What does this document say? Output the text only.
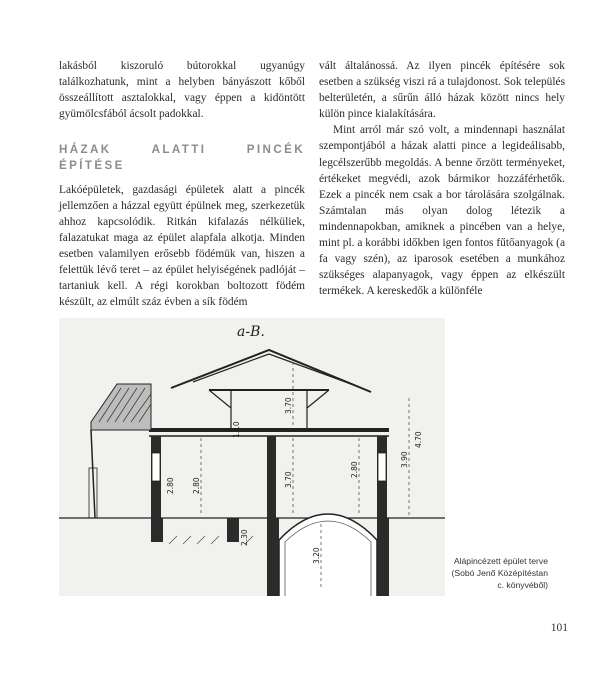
lakásból kiszoruló bútorokkal ugyanúgy találkozhatunk, mint a helyben bányászott kőből összeállított asztalokkal, vagy éppen a kidöntött gyümölcsfából ácsolt padokkal.

HÁZAK ALATTI PINCÉK ÉPÍTÉSE

Lakóépületek, gazdasági épületek alatt a pincék jellemzően a házzal együtt épülnek meg, szerkezetük ahhoz kapcsolódik. Ritkán kifalazás nélküliek, falazatukat maga az épület alapfala alkotja. Minden esetben valamilyen erősebb födémük van, hiszen a felettük lévő teret – az épület helyiségének padlóját – tartaniuk kell. A régi korokban boltozott födém készült, az elmúlt száz évben a sík födém

vált általánossá. Az ilyen pincék építésére sok esetben a szükség viszi rá a tulajdonost. Sok település belterületén, a sűrűn álló házak között nincs hely külön pince kialakítására.

Mint arról már szó volt, a mindennapi használat szempontjából a házak alatti pince a legideálisabb, legcélszerűbb megoldás. A benne őrzött terményeket, értékeket megvédi, azok bármikor hozzáférhetők. Ezek a pincék nem csak a bor tárolására szolgálnak. Számtalan más olyan dolog létezik a mindennapokban, amiknek a pincében van a helye, mint pl. a korábbi időkben igen fontos fűtőanyagok (a fa vagy szén), az iparosok esetében a munkához szükséges alapanyagok, vagy éppen az elkészült termékek. A kereskedők a különféle

a-B.
2.80
3.70
3.70
1.10
3.20
2.80
2.30
3.90
2.80
4.70
Alápincézett épület terve
(Sobó Jenő Középítéstan
c. könyvéből)
101
